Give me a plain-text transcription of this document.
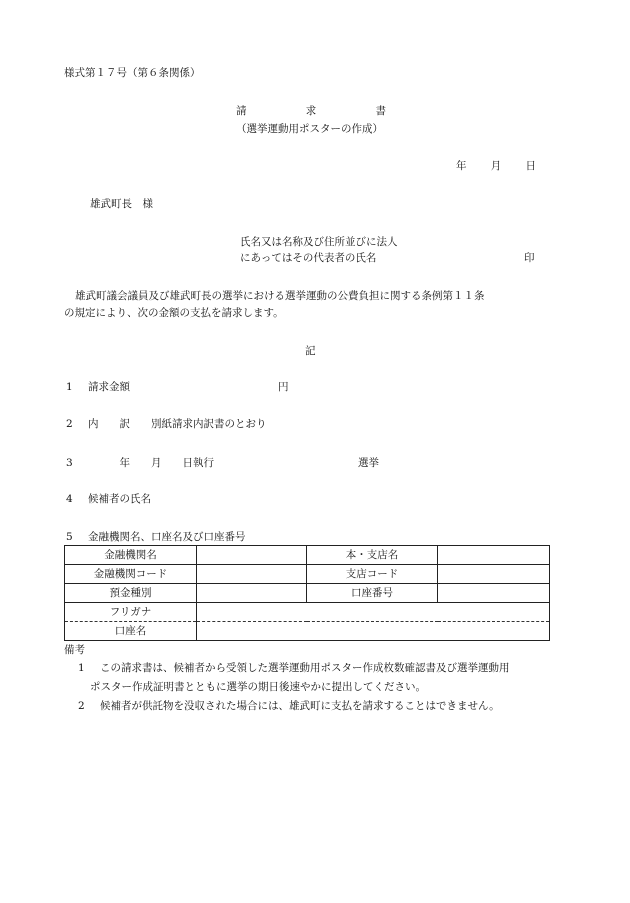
様式第１７号（第６条関係）
請	求	書
（選挙運動用ポスターの作成）
年 月 日
雄武町長　様
氏名又は名称及び住所並びに法人
にあってはその代表者の氏名	印
雄武町議会議員及び雄武町長の選挙における選挙運動の公費負担に関する条例第１１条
の規定により、次の金額の支払を請求します。
記
1 請求金額	円
2 内　　訳　　別紙請求内訳書のとおり
3　　　年　　月　　日執行	選挙
4 候補者の氏名
5 金融機関名、口座名及び口座番号
金融機関名		本・支店名	
金融機関コード		支店コード	
預金種別		口座番号	
フリガナ			
口座名			
備考
1 この請求書は、候補者から受領した選挙運動用ポスター作成枚数確認書及び選挙運動用
ポスター作成証明書とともに選挙の期日後速やかに提出してください。
2 候補者が供託物を没収された場合には、雄武町に支払を請求することはできません。
